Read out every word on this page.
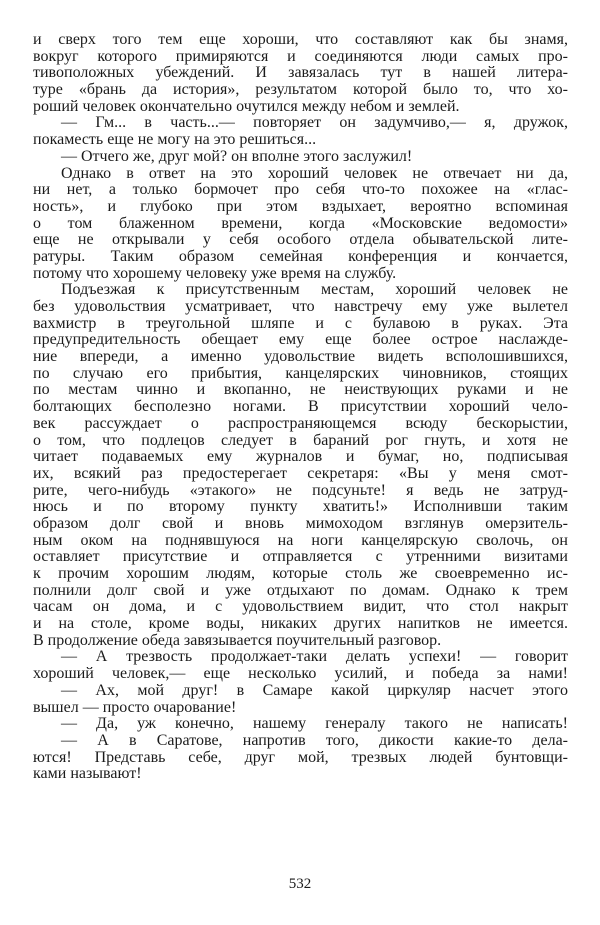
и сверх того тем еще хороши, что составляют как бы знамя,
вокруг которого примиряются и соединяются люди самых про-
тивоположных убеждений. И завязалась тут в нашей литера-
туре «брань да история», результатом которой было то, что хо-
роший человек окончательно очутился между небом и землей.
— Гм... в часть...— повторяет он задумчиво,— я, дружок,
покаместь еще не могу на это решиться...
— Отчего же, друг мой? он вполне этого заслужил!
Однако в ответ на это хороший человек не отвечает ни да,
ни нет, а только бормочет про себя что-то похожее на «глас-
ность», и глубоко при этом вздыхает, вероятно вспоминая
о том блаженном времени, когда «Московские ведомости»
еще не открывали у себя особого отдела обывательской лите-
ратуры. Таким образом семейная конференция и кончается,
потому что хорошему человеку уже время на службу.
Подъезжая к присутственным местам, хороший человек не
без удовольствия усматривает, что навстречу ему уже вылетел
вахмистр в треугольной шляпе и с булавою в руках. Эта
предупредительность обещает ему еще более острое наслажде-
ние впереди, а именно удовольствие видеть всполошившихся,
по случаю его прибытия, канцелярских чиновников, стоящих
по местам чинно и вкопанно, не неиствующих руками и не
болтающих бесполезно ногами. В присутствии хороший чело-
век рассуждает о распространяющемся всюду бескорыстии,
о том, что подлецов следует в бараний рог гнуть, и хотя не
читает подаваемых ему журналов и бумаг, но, подписывая
их, всякий раз предостерегает секретаря: «Вы у меня смот-
рите, чего-нибудь «этакого» не подсуньте! я ведь не затруд-
нюсь и по второму пункту хватить!» Исполнивши таким
образом долг свой и вновь мимоходом взглянув омерзитель-
ным оком на поднявшуюся на ноги канцелярскую сволочь, он
оставляет присутствие и отправляется с утренними визитами
к прочим хорошим людям, которые столь же своевременно ис-
полнили долг свой и уже отдыхают по домам. Однако к трем
часам он дома, и с удовольствием видит, что стол накрыт
и на столе, кроме воды, никаких других напитков не имеется.
В продолжение обеда завязывается поучительный разговор.
— А трезвость продолжает-таки делать успехи! — говорит
хороший человек,— еще несколько усилий, и победа за нами!
— Ах, мой друг! в Самаре какой циркуляр насчет этого
вышел — просто очарование!
— Да, уж конечно, нашему генералу такого не написать!
— А в Саратове, напротив того, дикости какие-то дела-
ются! Представь себе, друг мой, трезвых людей бунтовщи-
ками называют!
532
